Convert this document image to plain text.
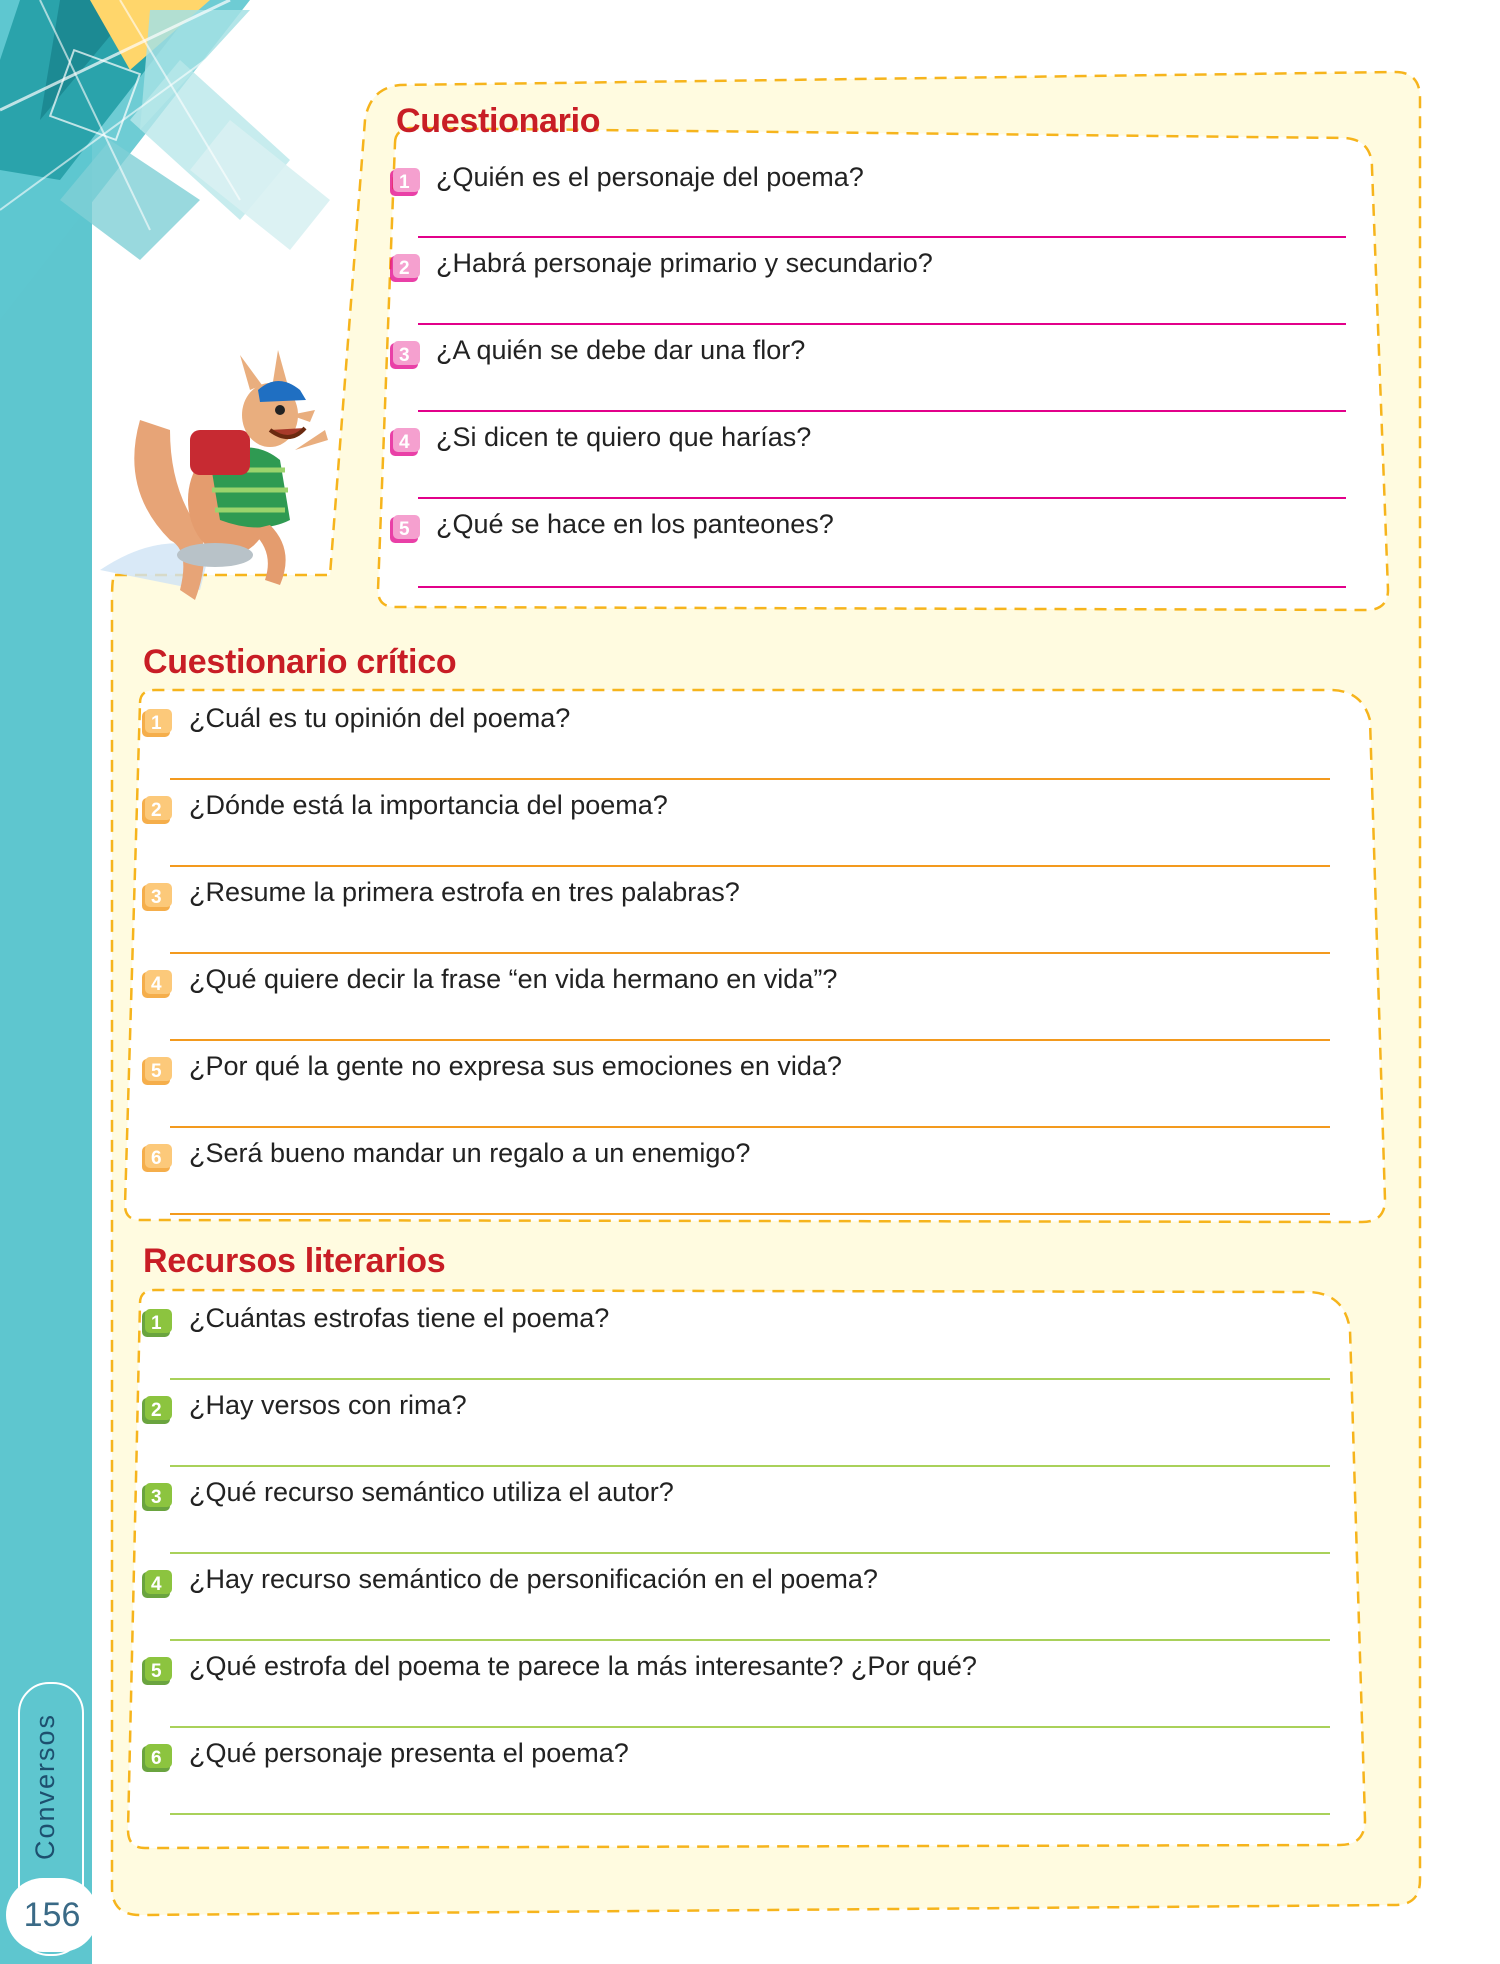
Cuestionario
1 ¿Quién es el personaje del poema?
2 ¿Habrá personaje primario y secundario?
3 ¿A quién se debe dar una flor?
4 ¿Si dicen te quiero que harías?
5 ¿Qué se hace en los panteones?
Cuestionario crítico
1 ¿Cuál es tu opinión del poema?
2 ¿Dónde está la importancia del poema?
3 ¿Resume la primera estrofa en tres palabras?
4 ¿Qué quiere decir la frase “en vida hermano en vida”?
5 ¿Por qué la gente no expresa sus emociones en vida?
6 ¿Será bueno mandar un regalo a un enemigo?
Recursos literarios
1 ¿Cuántas estrofas tiene el poema?
2 ¿Hay versos con rima?
3 ¿Qué recurso semántico utiliza el autor?
4 ¿Hay recurso semántico de personificación en el poema?
5 ¿Qué estrofa del poema te parece la más interesante? ¿Por qué?
6 ¿Qué personaje presenta el poema?
Conversos
156
